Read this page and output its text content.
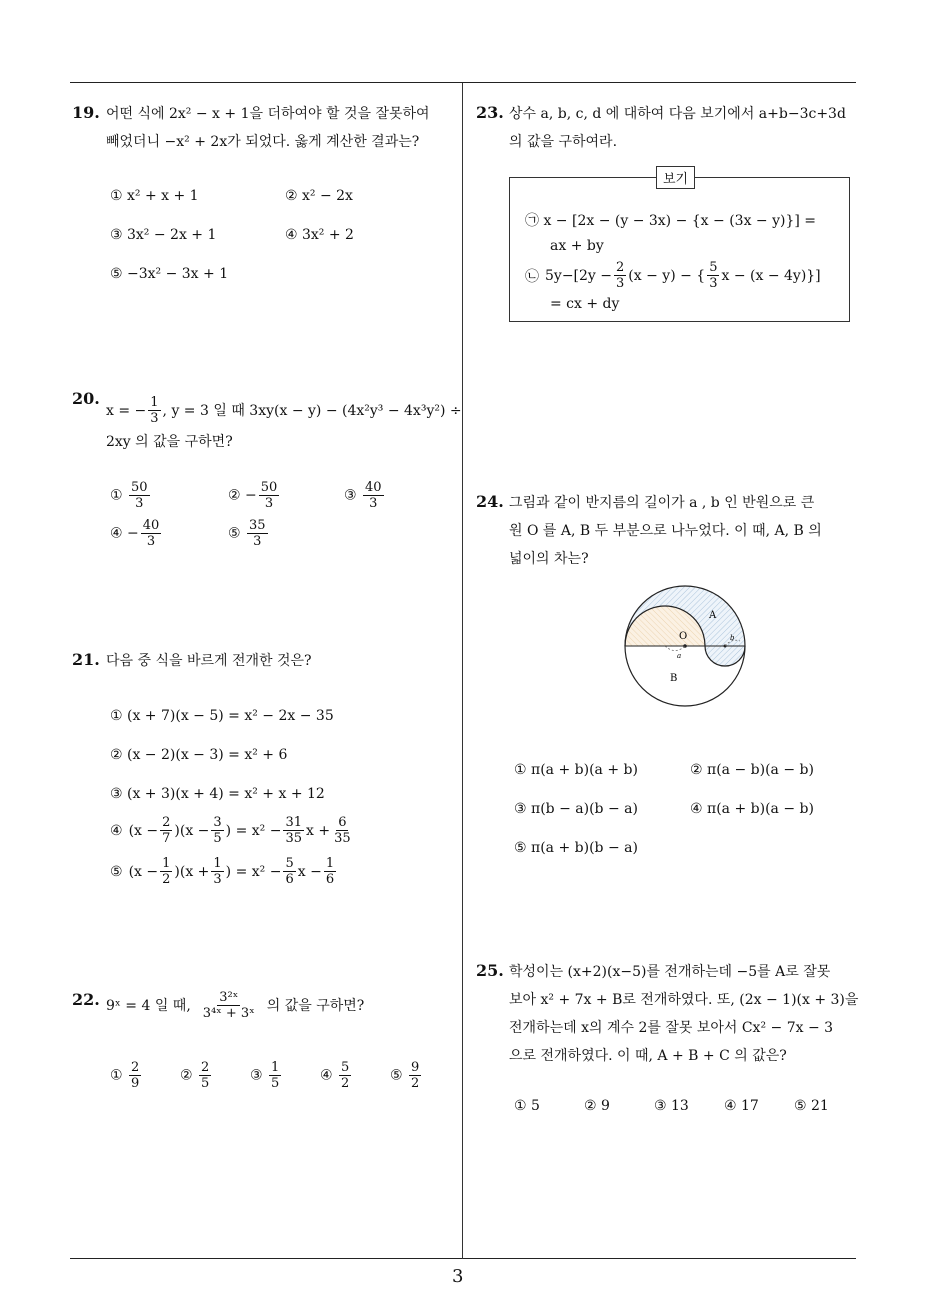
19. 어떤 식에 2x² − x + 1을 더하여야 할 것을 잘못하여
빼었더니 −x² + 2x가 되었다. 옳게 계산한 결과는?
① x² + x + 1	② x² − 2x
③ 3x² − 2x + 1	④ 3x² + 2
⑤ −3x² − 3x + 1
20.
x = − $\frac{1}{3}$ , y = 3 일 때 3xy(x − y) − (4x²y³ − 4x³y²) ÷
2xy 의 값을 구하면?
① $\frac{50}{3}$	② − $\frac{50}{3}$	③ $\frac{40}{3}$
④ − $\frac{40}{3}$	⑤ $\frac{35}{3}$
21. 다음 중 식을 바르게 전개한 것은?
① (x + 7)(x − 5) = x² − 2x − 35
② (x − 2)(x − 3) = x² + 6
③ (x + 3)(x + 4) = x² + x + 12
④ $(x - \frac{2}{7} )(x - \frac{3}{5}$ ) = $x^2 - \frac{31}{35}$ $x + \frac{6}{35}$
⑤ $(x - \frac{1}{2} )(x + \frac{1}{3}$ ) = $x^2 - \frac{5}{6}$ $x - \frac{1}{6}$
22. 9ˣ = 4 일 때, $\frac{\text{3²ˣ}}{\text{3⁴ˣ + 3ˣ}}$ 의 값을 구하면?
① $\frac{2}{9}$	② $\frac{2}{5}$	③ $\frac{1}{5}$	④ $\frac{5}{2}$	⑤ $\frac{9}{2}$
23. 상수 a, b, c, d 에 대하여 다음 보기에서 a+b−3c+3d
의 값을 구하여라.
보기
㉠ x − [2x − (y − 3x) − {x − (3x − y)}] =
ax + by
㉡ $5y-[2y - \frac{2}{3} (x - y)$ − { $\frac{5}{3}$ x − (x − 4y)}]
= cx + dy
24. 그림과 같이 반지름의 길이가 a , b 인 반원으로 큰
원 O 를 A, B 두 부분으로 나누었다. 이 때, A, B 의
넓이의 차는?
A
B
O
a
b
① π(a + b)(a + b)	② π(a − b)(a − b)
③ π(b − a)(b − a)	④ π(a + b)(a − b)
⑤ π(a + b)(b − a)
25. 학성이는 (x+2)(x−5)를 전개하는데 −5를 A로 잘못
보아 x² + 7x + B로 전개하였다. 또, (2x − 1)(x + 3)을
전개하는데 x의 계수 2를 잘못 보아서 Cx² − 7x − 3
으로 전개하였다. 이 때, A + B + C 의 값은?
① 5	② 9	③ 13	④ 17	⑤ 21
3
